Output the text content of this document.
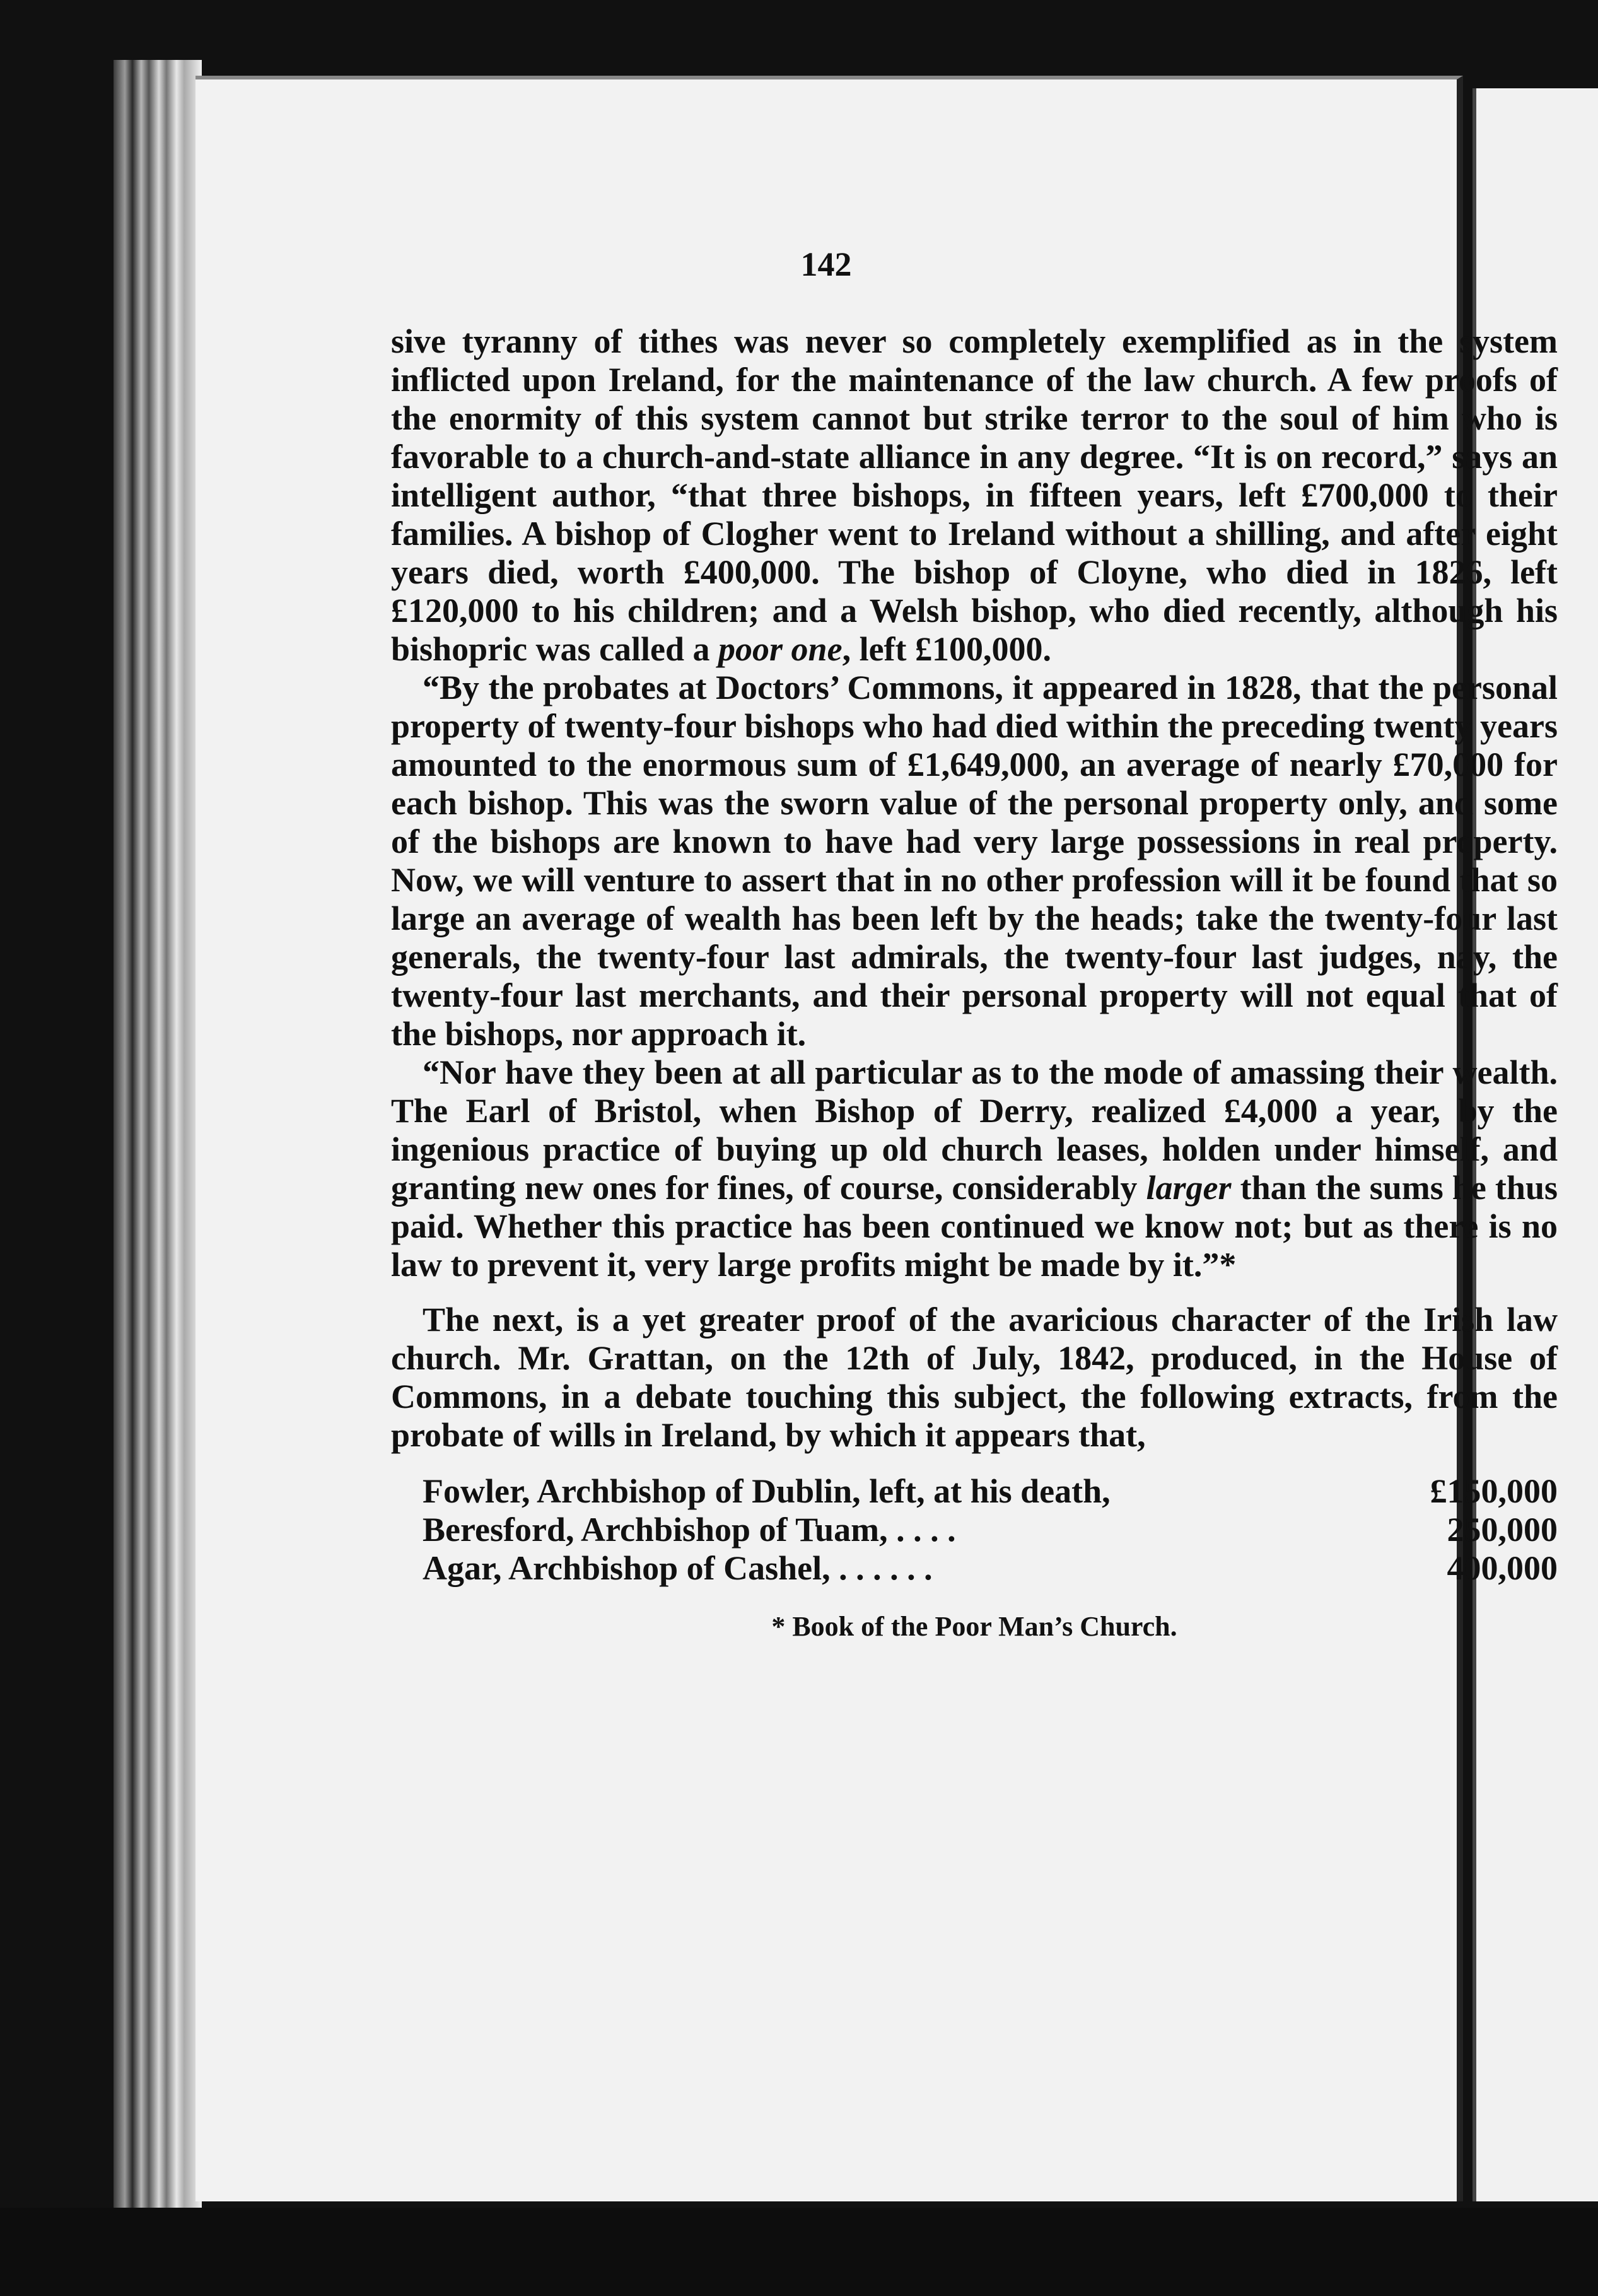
142

sive tyranny of tithes was never so completely exemplified as in the system inflicted upon Ireland, for the maintenance of the law church. A few proofs of the enormity of this system cannot but strike terror to the soul of him who is favorable to a church-and-state alliance in any degree. “It is on record,” says an intelligent author, “that three bishops, in fifteen years, left £700,000 to their families. A bishop of Clogher went to Ireland without a shilling, and after eight years died, worth £400,000. The bishop of Cloyne, who died in 1826, left £120,000 to his children; and a Welsh bishop, who died recently, although his bishopric was called a poor one, left £100,000.

“By the probates at Doctors’ Commons, it appeared in 1828, that the personal property of twenty-four bishops who had died within the preceding twenty years amounted to the enormous sum of £1,649,000, an average of nearly £70,000 for each bishop. This was the sworn value of the personal property only, and some of the bishops are known to have had very large possessions in real property. Now, we will venture to assert that in no other profession will it be found that so large an average of wealth has been left by the heads; take the twenty-four last generals, the twenty-four last admirals, the twenty-four last judges, nay, the twenty-four last merchants, and their personal property will not equal that of the bishops, nor approach it.

“Nor have they been at all particular as to the mode of amassing their wealth. The Earl of Bristol, when Bishop of Derry, realized £4,000 a year, by the ingenious practice of buying up old church leases, holden under himself, and granting new ones for fines, of course, considerably larger than the sums he thus paid. Whether this practice has been continued we know not; but as there is no law to prevent it, very large profits might be made by it.”*

The next, is a yet greater proof of the avaricious character of the Irish law church. Mr. Grattan, on the 12th of July, 1842, produced, in the House of Commons, in a debate touching this subject, the following extracts, from the probate of wills in Ireland, by which it appears that,

Fowler, Archbishop of Dublin, left, at his death,	£150,000
Beresford, Archbishop of Tuam, . . . .	250,000
Agar, Archbishop of Cashel, . . . . . .	400,000
* Book of the Poor Man’s Church.
